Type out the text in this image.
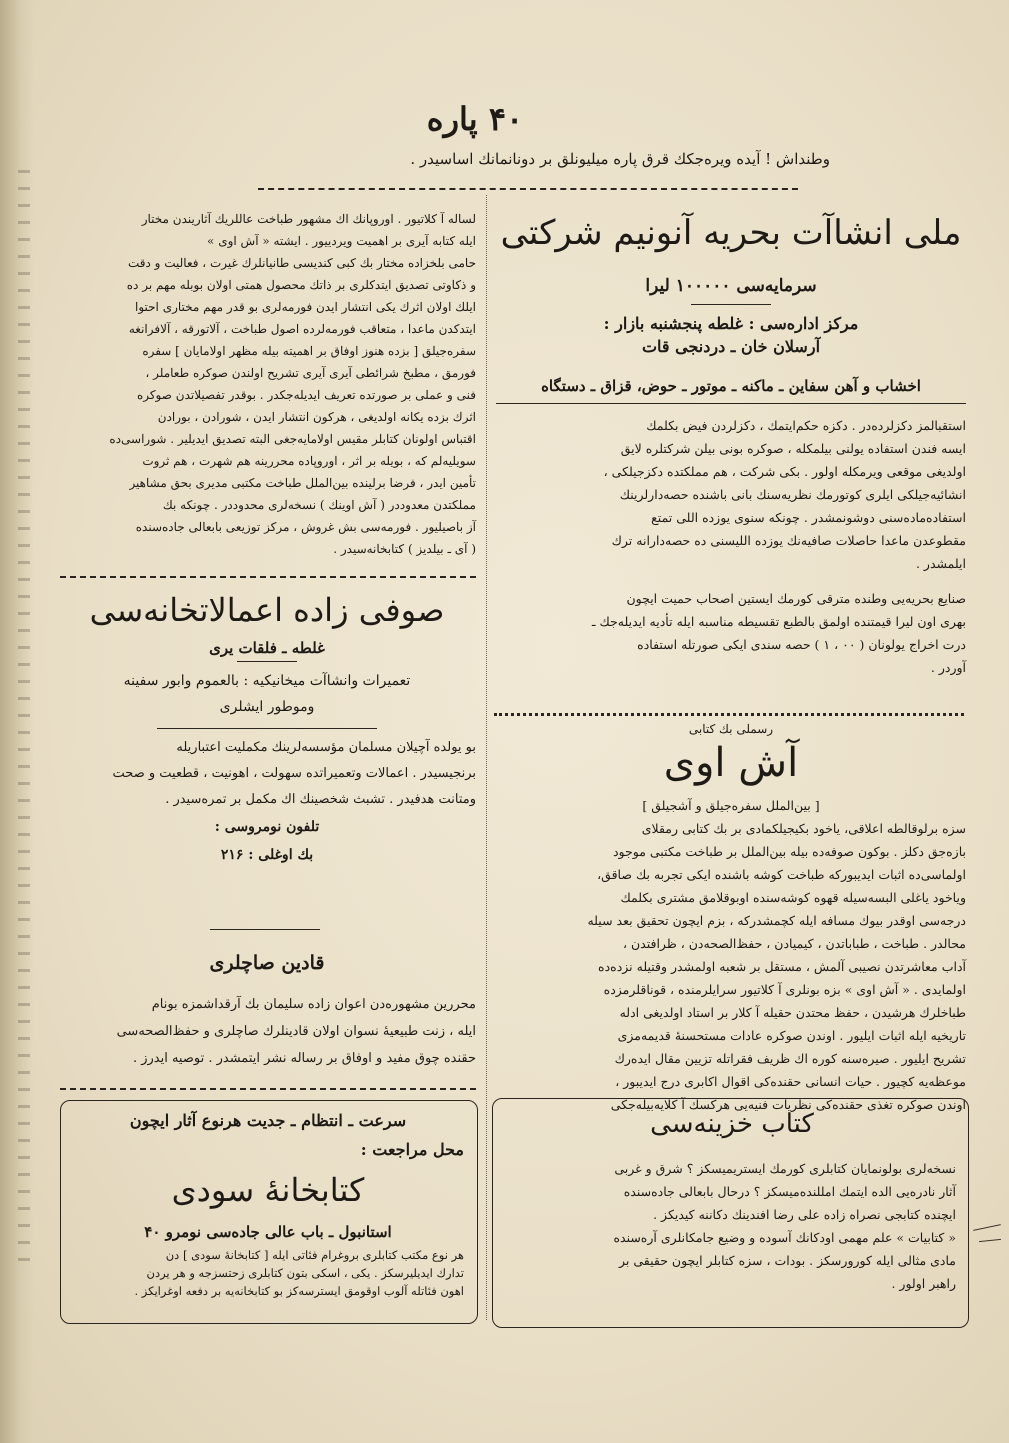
۴۰ پاره
وطنداش ! آیده ویره‌جکك قرق پاره میلیونلق بر دونانمانك اساسیدر .
ملی انشاآت بحریه آنونیم شرکتی
سرمایه‌سی ۱۰۰۰۰۰ لیرا
مرکز اداره‌سی : غلطه پنجشنبه بازار :
آرسلان خان ـ دردنجی قات
اخشاب و آهن سفاین ـ ماکنه ـ موتور ـ حوض، قزاق ـ دستگاه
استقبالمز دکزلرده‌در . دکزه حکم‌ایتمك ، دکزلردن فیض بکلمك
ایسه فندن استفاده یولنی بیلمکله ، صوکره بونی بیلن شرکتلره لایق
اولدیغی موقعی ویرمکله اولور . بکی شرکت ، هم مملکتده دکزجیلکی ،
انشائیه‌جیلکی ایلری کوتورمك نظریه‌سنك بانی باشنده حصه‌دارلرینك
استفاده‌ماده‌سنی دوشونمشدر . چونکه سنوی یوزده اللی تمتع
مقطوعدن ماعدا حاصلات صافیه‌نك یوزده اللیسنی ده حصه‌دارانه ترك
ایلمشدر .
صنایع بحریه‌یی وطنده مترقی کورمك ایستین اصحاب حمیت ایچون
بهری اون لیرا قیمتنده اولمق بالطبع تقسیطه مناسبه ایله تأدیه ایدیله‌جك ـ
درت اخراج یولونان ( ۰۰ ، ۱ ) حصه سندی ایکی صورتله استفاده
آوردر .
رسملی بك کتابی
آش اوی
[ بین‌الملل سفره‌جیلق و آشجیلق ]
سزه برلوقالطه اعلاقی، یاخود بکیجیلکمادی بر بك کتابی رمقلای
بازه‌جق دکلز . بوکون صوفه‌ده بیله بین‌الملل بر طباخت مکتبی موجود
اولماسی‌ده اثبات ایدیبورکه طباخت کوشه باشنده ایکی تجربه بك صاقق،
ویاخود یاغلی البسه‌سیله قهوه کوشه‌سنده اوبوقلامق مشتری بکلمك
درجه‌سی اوقدر بیوك مسافه ایله کچمشدرکه ، بزم ایچون تحقیق بعد سیله
محالدر . طباخت ، طباباتدن ، کیمیادن ، حفظ‌الصحه‌دن ، ظرافتدن ،
آداب معاشرتدن نصیبی آلمش ، مستقل بر شعبه اولمشدر وقتیله نزده‌ده
اولمایدی . « آش اوی » بزه بونلری آ کلاتیور سرایلرمنده ، قوناقلرمزده
طباخلرك هرشیدن ، حفظ محتدن حقیله آ کلار بر استاد اولدیغی ادله
تاریخیه ایله اثبات ایلیور . اوندن صوکره عادات مستحسنهٔ قدیمه‌مزی
تشریح ایلیور . صیره‌سنه کوره اك ظریف فقراتله تزیین مقال ایده‌رك
موعظه‌یه کچیور . حیات انسانی حقنده‌کی اقوال اکابری درج ایدیبور ،
اوندن صوکره تغذی حقنده‌کی نظریات فنیه‌یی هرکسك آ کلایه‌بیله‌جکی
کتاب خزینه‌سی
نسخه‌لری بولونمایان کتابلری کورمك ایستریمیسکز ؟ شرق و غربی
آثار نادره‌یی الده ایتمك امللنده‌میسکز ؟ درحال بابعالی جاده‌سنده
ایچنده کتابجی نصراه زاده علی رضا افندینك دکاننه کیدیکز .
« کتابیات » علم مهمی اودکانك آسوده و وضیع جامکانلری آرەسنده
مادی مثالی ایله کورورسکز . بودات ، سزه کتابلر ایچون حقیقی بر
راهبر اولور .
لساله آ کلاتیور . اوروپانك اك مشهور طباخت عاللریك آثاریندن مختار
ایله کتابه آیری بر اهمیت ویردییور . ایشته « آش اوی »
حامی بلخزاده مختار بك کبی کندیسی طانیانلرك غیرت ، فعالیت و دقت
و ذکاوتی تصدیق ایتدکلری بر ذاتك محصول همتی اولان بوبله مهم بر ده
ایلك اولان اثرك یکی انتشار ایدن فورمه‌لری بو قدر مهم مختاری احتوا
ایتدکدن ماعدا ، متعاقب فورمه‌لرده اصول طباخت ، آلاتورقه ، آلافرانغه
سفره‌جیلق [ بزده هنوز اوفاق بر اهمیته بیله مظهر اولامایان ] سفره
فورمق ، مطبخ شرائطی آیری آیری تشریح اولندن صوکره طعاملر ،
فنی و عملی بر صورتده تعریف ایدیله‌جکدر . بوقدر تفصیلاتدن صوکره
اثرك بزده یکانه اولدیغی ، هرکون انتشار ایدن ، شورادن ، بورادن
اقتباس اولونان کتابلر مقیس اولامایه‌جغی البته تصدیق ایدیلیر . شوراسی‌ده
سویلیه‌لم که ، بویله بر اثر ، اوروپاده محررینه هم شهرت ، هم ثروت
تأمین ایدر ، فرضا برلینده بین‌الملل طباخت مکتبی مدیری بحق مشاهیر
مملکتدن معدوددر ( آش اوینك ) نسخه‌لری محدوددر . چونکه بك
آز باصیلیور . فورمه‌سی بش غروش ، مرکز توزیعی بابعالی جاده‌سنده
( آی ـ بیلدیز ) کتابخانه‌سیدر .
صوفی زاده اعمالاتخانه‌سی
غلطه ـ فلقات یری
تعمیرات وانشاآت میخانیکیه : بالعموم وابور سفینه
وموطور ایشلری
بو یولده آچیلان مسلمان مؤسسه‌لرینك مکملیت اعتباریله
برنجیسیدر . اعمالات وتعمیراتده سهولت ، اهونیت ، قطعیت و صحت
ومتانت هدفیدر . تشبث شخصینك اك مکمل بر تمره‌سیدر .
تلفون نومروسی :
بك اوغلی : ۲۱۶
قادین صاچلری
محررین مشهوره‌دن اعوان زاده سلیمان بك آرقداشمزه بونام
ایله ، زنت طبیعیهٔ نسوان اولان قادینلرك صاچلری و حفظ‌الصحه‌سی
حقنده چوق مفید و اوفاق بر رساله نشر ایتمشدر . توصیه ایدرز .
سرعت ـ انتظام ـ جدیت هرنوع آثار ایچون
محل مراجعت :
کتابخانهٔ سودی
استانبول ـ باب عالی جاده‌سی نومرو ۴۰
هر نوع مکتب کتابلری بروغرام فئاتی ایله [ کتابخانهٔ سودی ] دن
تدارك ایدیلیرسکز . یکی ، اسکی بتون کتابلری زحتسزجه و هر یردن
اهون فئاتله آلوب اوقومق ایسترسه‌کز بو کتابخانه‌یه بر دفعه اوغرایکز .
